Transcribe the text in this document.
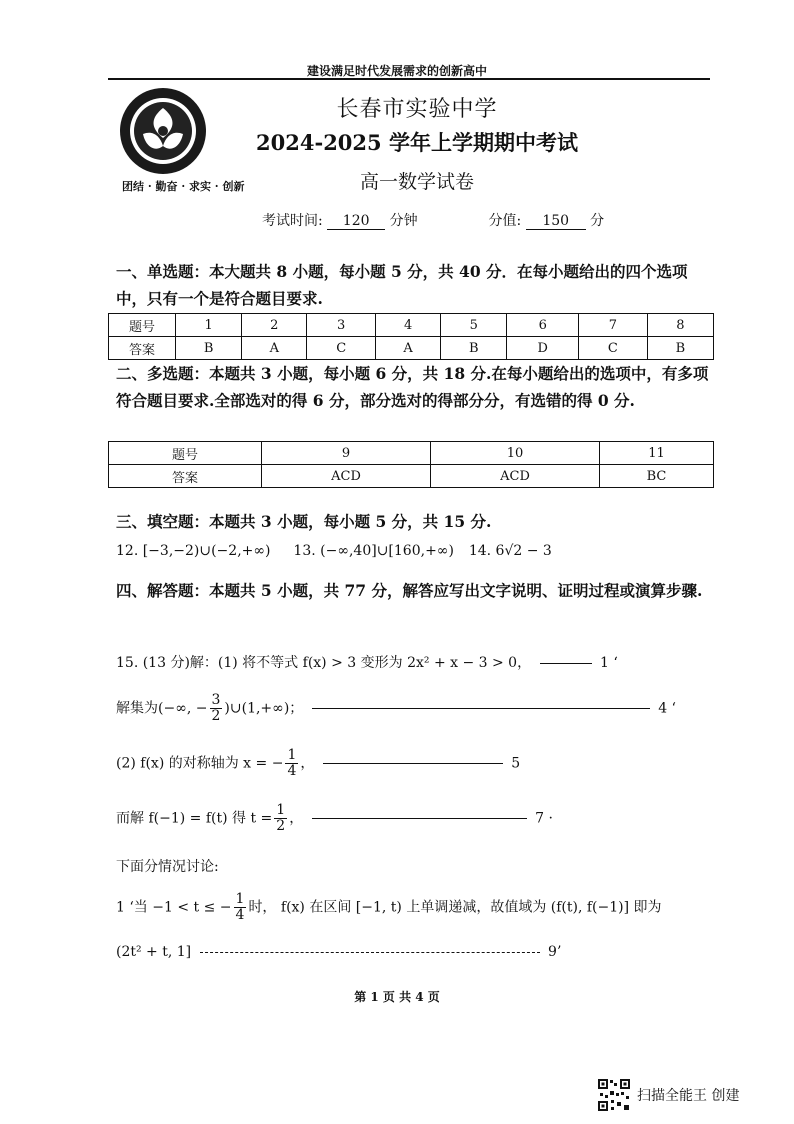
建设满足时代发展需求的创新高中
长春市实验中学
2024-2025 学年上学期期中考试
高一数学试卷
团结 · 勤奋 · 求实 · 创新
考试时间: 120 分钟	分值: 150 分
一、单选题：本大题共 8 小题，每小题 5 分，共 40 分．在每小题给出的四个选项中，只有一个是符合题目要求.
题号	1	2	3	4	5	6	7	8
答案	B	A	C	A	B	D	C	B
二、多选题：本题共 3 小题，每小题 6 分，共 18 分.在每小题给出的选项中，有多项符合题目要求.全部选对的得 6 分，部分选对的得部分分，有选错的得 0 分.
题号	9	10	11
答案	ACD	ACD	BC
三、填空题：本题共 3 小题，每小题 5 分，共 15 分.
12. [−3,−2)∪(−2,+∞) 13. (−∞,40]∪[160,+∞) 14. 6√2 − 3
四、解答题：本题共 5 小题，共 77 分，解答应写出文字说明、证明过程或演算步骤.
15. (13 分)解：(1) 将不等式 f(x) > 3 变形为 2x² + x − 3 > 0，	1 ‘
解集为(−∞, − $\frac{3}{2}$ )∪(1,+∞)；	4 ‘
(2) f(x) 的对称轴为 x = − $\frac{1}{4}$ ，	5
而解 f(−1) = f(t) 得 $t = \frac{1}{2}$ ，	7 ·
下面分情况讨论:
1 ‘当 −1 < t ≤ − $\frac{1}{4}$ 时， f(x) 在区间 [−1, t) 上单调递减，故值域为 (f(t), f(−1)] 即为
(2t² + t, 1]	9’
第 1 页 共 4 页
扫描全能王 创建
